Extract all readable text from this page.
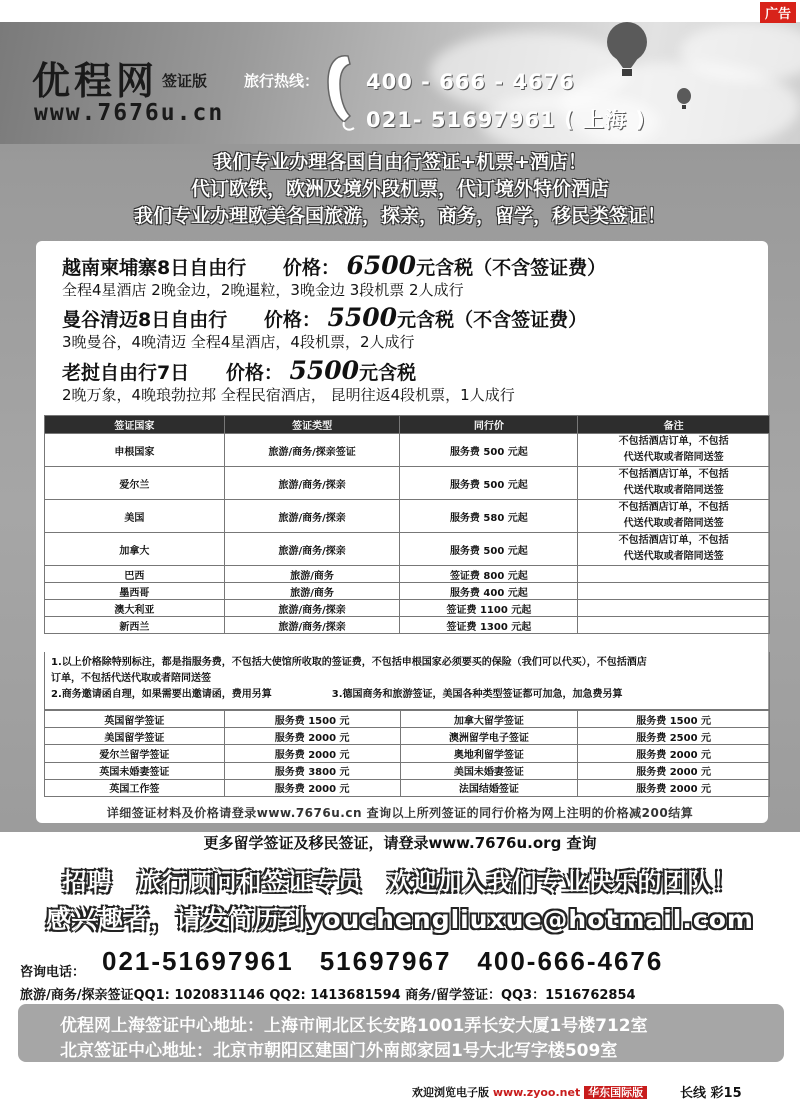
广告
优程网 签证版
www.7676u.cn
旅行热线： 400 - 666 - 4676
021- 51697961 ( 上海 )
我们专业办理各国自由行签证+机票+酒店！
代订欧铁，欧洲及境外段机票，代订境外特价酒店
我们专业办理欧美各国旅游，探亲，商务，留学，移民类签证！
越南柬埔寨8日自由行 价格： 6500元含税（不含签证费）
全程4星酒店 2晚金边，2晚暹粒，3晚金边 3段机票 2人成行
曼谷清迈8日自由行 价格： 5500元含税（不含签证费）
3晚曼谷，4晚清迈 全程4星酒店，4段机票，2人成行
老挝自由行7日 价格： 5500元含税
2晚万象，4晚琅勃拉邦 全程民宿酒店， 昆明往返4段机票，1人成行
签证国家	签证类型	同行价	备注
申根国家	旅游/商务/探亲签证	服务费 500 元起	不包括酒店订单，不包括
代送代取或者陪同送签

爱尔兰	旅游/商务/探亲	服务费 500 元起	不包括酒店订单，不包括
代送代取或者陪同送签

美国	旅游/商务/探亲	服务费 580 元起	不包括酒店订单，不包括
代送代取或者陪同送签

加拿大	旅游/商务/探亲	服务费 500 元起	不包括酒店订单，不包括
代送代取或者陪同送签

巴西	旅游/商务	签证费 800 元起	
墨西哥	旅游/商务	服务费 400 元起	
澳大利亚	旅游/商务/探亲	签证费 1100 元起	
新西兰	旅游/商务/探亲	签证费 1300 元起	
1.以上价格除特别标注，都是指服务费，不包括大使馆所收取的签证费，不包括申根国家必须要买的保险（我们可以代买），不包括酒店
订单，不包括代送代取或者陪同送签
2.商务邀请函自理，如果需要出邀请函，费用另算	3.德国商务和旅游签证，美国各种类型签证都可加急，加急费另算
英国留学签证	服务费 1500 元	加拿大留学签证	服务费 1500 元
美国留学签证	服务费 2000 元	澳洲留学电子签证	服务费 2500 元
爱尔兰留学签证	服务费 2000 元	奥地利留学签证	服务费 2000 元
英国未婚妻签证	服务费 3800 元	美国未婚妻签证	服务费 2000 元
英国工作签	服务费 2000 元	法国结婚签证	服务费 2000 元
详细签证材料及价格请登录www.7676u.cn 查询以上所列签证的同行价格为网上注明的价格减200结算
更多留学签证及移民签证，请登录www.7676u.org 查询
招聘　旅行顾问和签证专员　欢迎加入我们专业快乐的团队！
感兴趣者，请发简历到youchengliuxue@hotmail.com
咨询电话： 021-51697961 51697967 400-666-4676
旅游/商务/探亲签证QQ1: 1020831146 QQ2: 1413681594 商务/留学签证：QQ3：1516762854
优程网上海签证中心地址：上海市闸北区长安路1001弄长安大厦1号楼712室
北京签证中心地址：北京市朝阳区建国门外南郎家园1号大北写字楼509室
欢迎浏览电子版 www.zyoo.net 华东国际版	长线 彩15
